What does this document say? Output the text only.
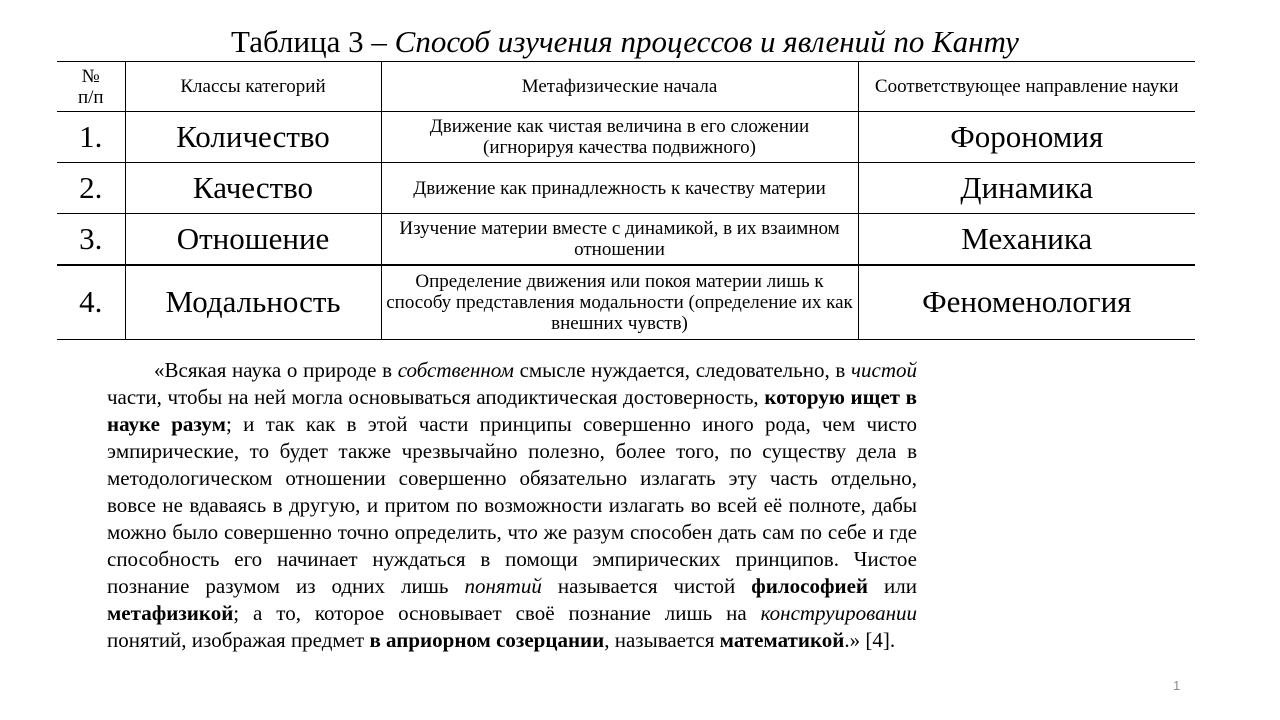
Таблица 3 – Способ изучения процессов и явлений по Канту
№
п/п	Классы категорий	Метафизические начала	Соответствующее направление науки
1.	Количество	Движение как чистая величина в его сложении (игнорируя качества подвижного)	Форономия
2.	Качество	Движение как принадлежность к качеству материи	Динамика
3.	Отношение	Изучение материи вместе с динамикой, в их взаимном отношении	Механика
4.	Модальность	Определение движения или покоя материи лишь к способу представления модальности (определение их как внешних чувств)	Феноменология

«Всякая наука о природе в собственном смысле нуждается, следовательно, в чистой части, чтобы на ней могла основываться аподиктическая достоверность, которую ищет в науке разум; и так как в этой части принципы совершенно иного рода, чем чисто эмпирические, то будет также чрезвычайно полезно, более того, по существу дела в методологическом отношении совершенно обязательно излагать эту часть отдельно, вовсе не вдаваясь в другую, и притом по возможности излагать во всей её полноте, дабы можно было совершенно точно определить, что же разум способен дать сам по себе и где способность его начинает нуждаться в помощи эмпирических принципов. Чистое познание разумом из одних лишь понятий называется чистой философией или метафизикой; а то, которое основывает своё познание лишь на конструировании понятий, изображая предмет в априорном созерцании, называется математикой.» [4].

1
